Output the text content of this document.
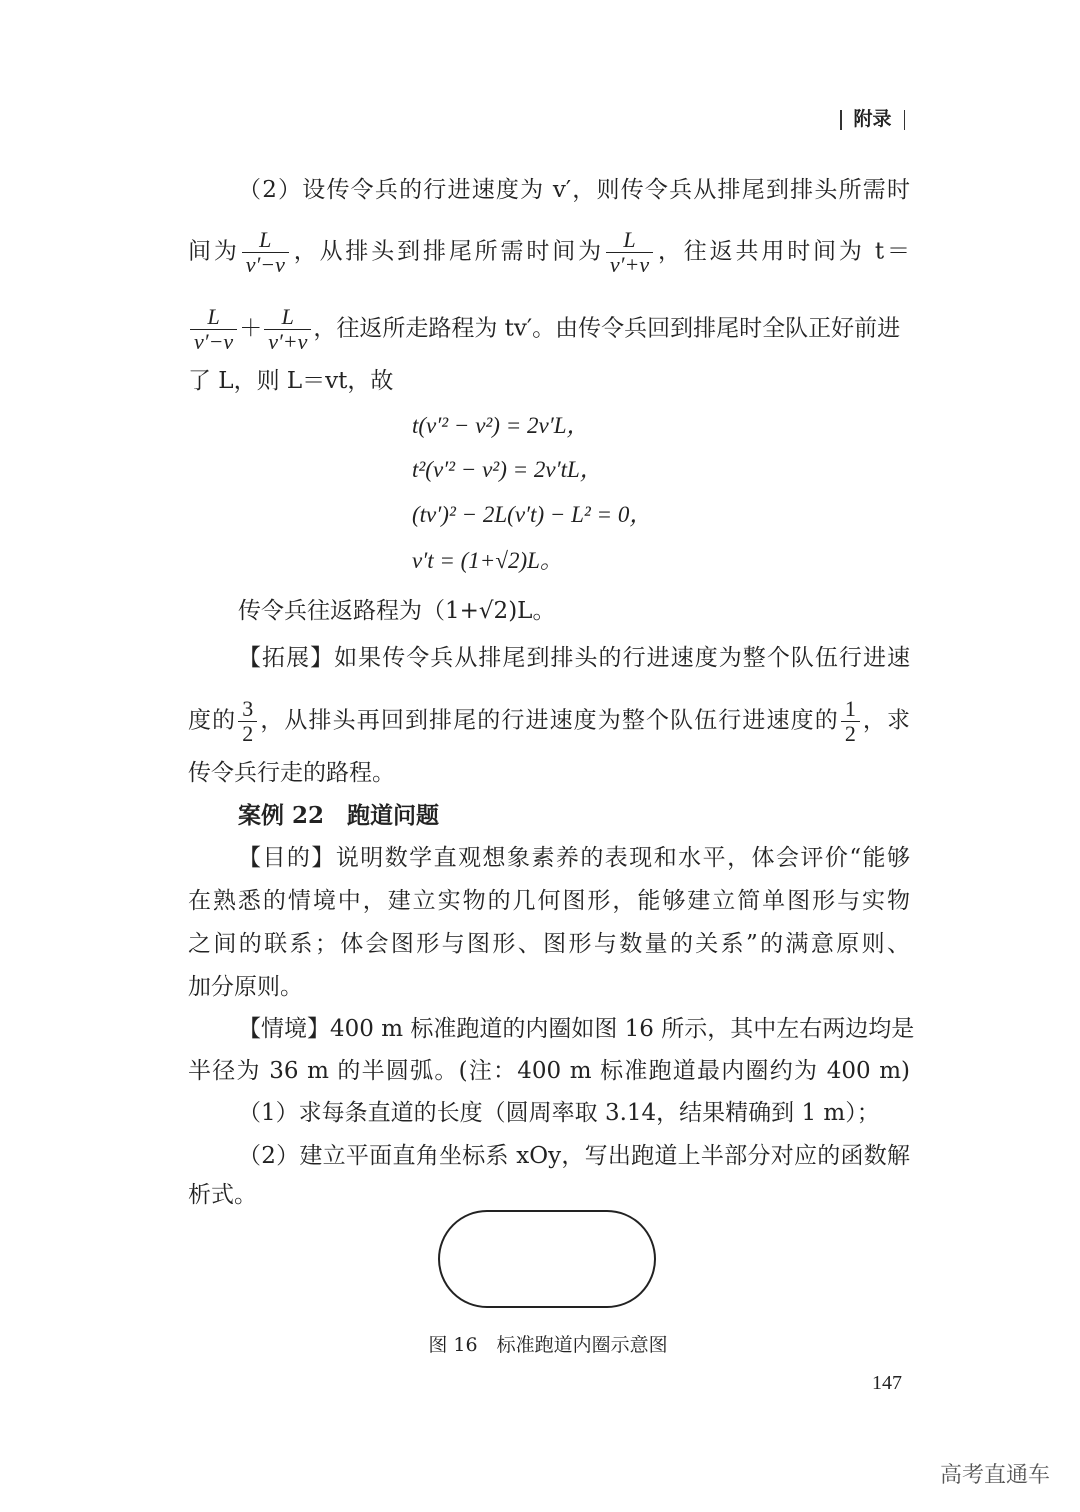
附录
（2）设传令兵的行进速度为 v′，则传令兵从排尾到排头所需时
间为 $\frac{L}{v'-v}$ ，从排头到排尾所需时间为 $\frac{L}{v'+v}$ ，往返共用时间为 t＝
$\frac{L}{v'-v} + \frac{L}{v'+v}$ ，往返所走路程为 tv′。由传令兵回到排尾时全队正好前进
了 L，则 L＝vt，故
t(v′² − v²) = 2v′L，
t²(v′² − v²) = 2v′tL，
(tv′)² − 2L(v′t) − L² = 0，
v′t = (1+√2)L。
传令兵往返路程为（1+√2)L。
【拓展】如果传令兵从排尾到排头的行进速度为整个队伍行进速
度的 $\frac{3}{2}$ ，从排头再回到排尾的行进速度为整个队伍行进速度的 $\frac{1}{2}$ ，求
传令兵行走的路程。
案例 22　跑道问题
【目的】说明数学直观想象素养的表现和水平，体会评价“能够
在熟悉的情境中，建立实物的几何图形，能够建立简单图形与实物
之间的联系；体会图形与图形、图形与数量的关系”的满意原则、
加分原则。
【情境】400 m 标准跑道的内圈如图 16 所示，其中左右两边均是
半径为 36 m 的半圆弧。(注：400 m 标准跑道最内圈约为 400 m)
（1）求每条直道的长度（圆周率取 3.14，结果精确到 1 m）；
（2）建立平面直角坐标系 xOy，写出跑道上半部分对应的函数解
析式。
图 16　标准跑道内圈示意图
147
高考直通车
